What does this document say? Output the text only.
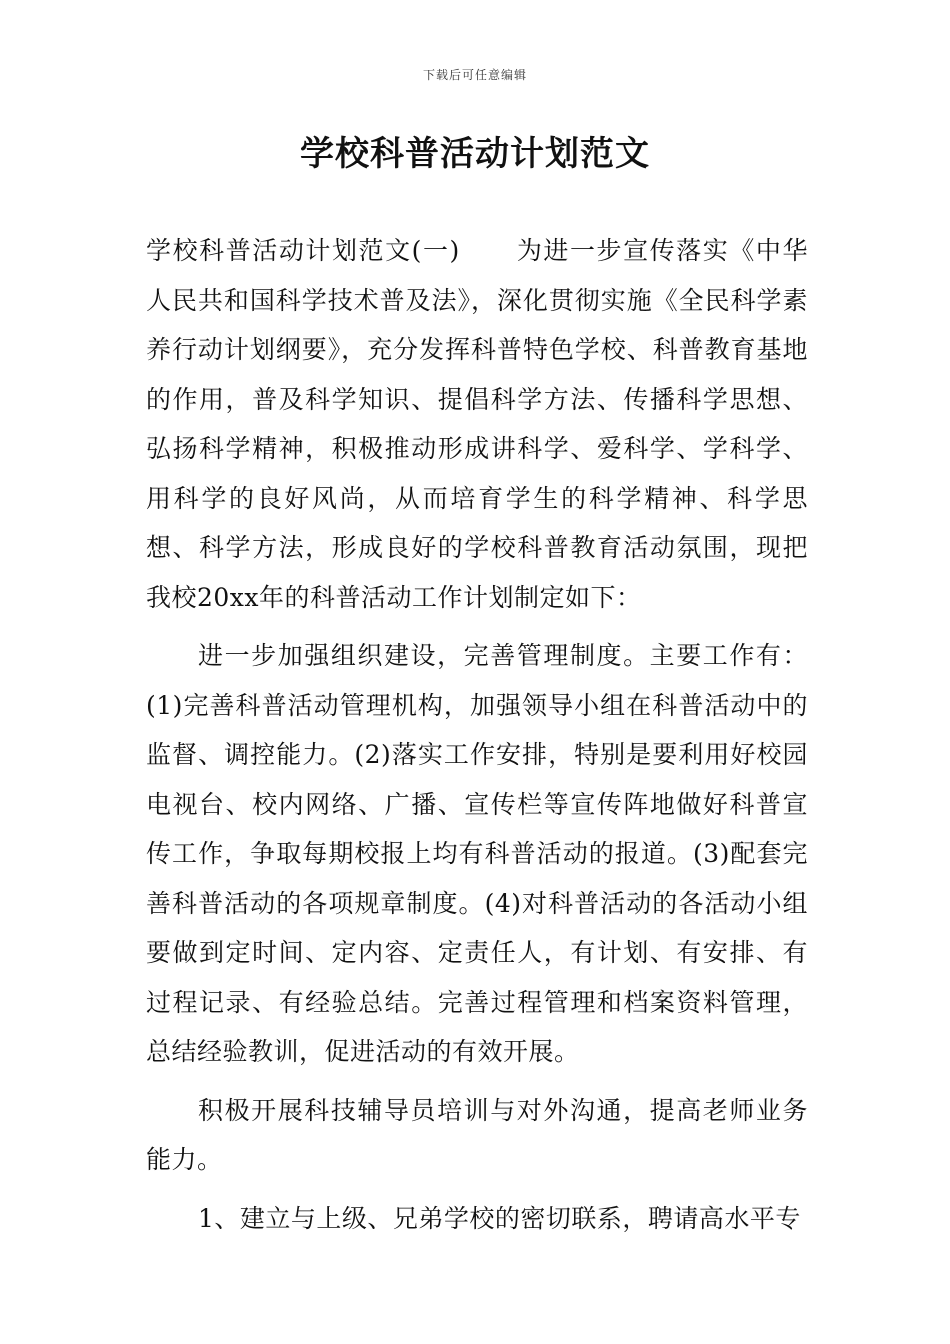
下载后可任意编辑
学校科普活动计划范文

学校科普活动计划范文(一) 为进一步宣传落实《中华人民共和国科学技术普及法》，深化贯彻实施《全民科学素养行动计划纲要》，充分发挥科普特色学校、科普教育基地的作用，普及科学知识、提倡科学方法、传播科学思想、弘扬科学精神，积极推动形成讲科学、爱科学、学科学、用科学的良好风尚，从而培育学生的科学精神、科学思想、科学方法，形成良好的学校科普教育活动氛围，现把我校20xx年的科普活动工作计划制定如下：

进一步加强组织建设，完善管理制度。主要工作有：(1)完善科普活动管理机构，加强领导小组在科普活动中的监督、调控能力。(2)落实工作安排，特别是要利用好校园电视台、校内网络、广播、宣传栏等宣传阵地做好科普宣传工作，争取每期校报上均有科普活动的报道。(3)配套完善科普活动的各项规章制度。(4)对科普活动的各活动小组要做到定时间、定内容、定责任人，有计划、有安排、有过程记录、有经验总结。完善过程管理和档案资料管理，总结经验教训，促进活动的有效开展。

积极开展科技辅导员培训与对外沟通，提高老师业务能力。

1、建立与上级、兄弟学校的密切联系，聘请高水平专
